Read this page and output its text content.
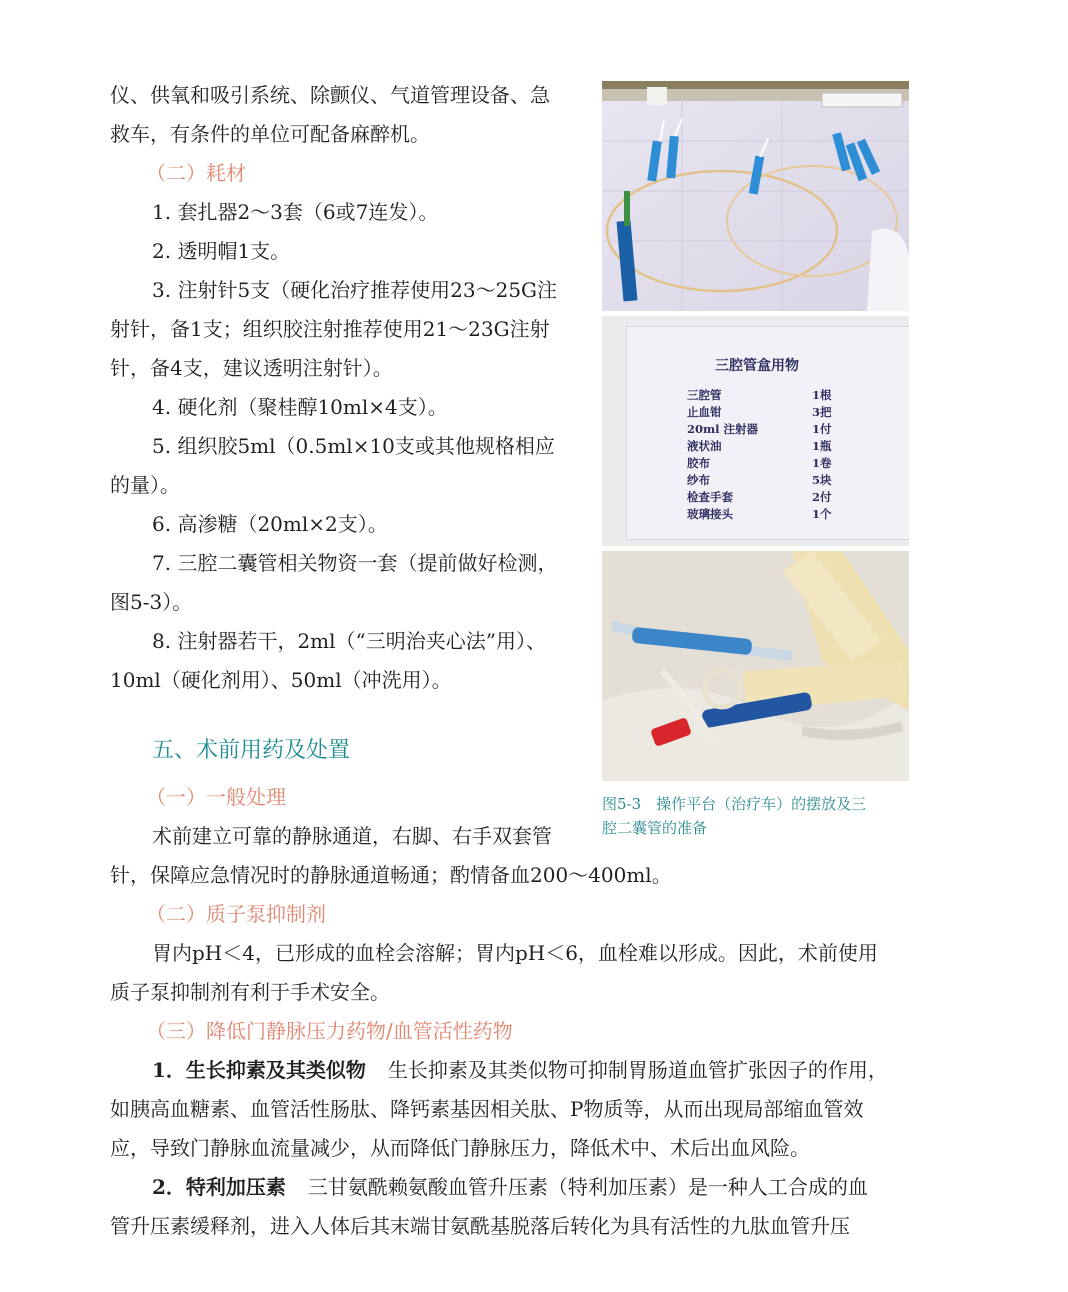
仪、供氧和吸引系统、除颤仪、气道管理设备、急
救车，有条件的单位可配备麻醉机。
（二）耗材
1. 套扎器2～3套（6或7连发）。
2. 透明帽1支。
3. 注射针5支（硬化治疗推荐使用23～25G注
射针，备1支；组织胶注射推荐使用21～23G注射
针，备4支，建议透明注射针）。
4. 硬化剂（聚桂醇10ml×4支）。
5. 组织胶5ml（0.5ml×10支或其他规格相应
的量）。
6. 高渗糖（20ml×2支）。
7. 三腔二囊管相关物资一套（提前做好检测，
图5-3）。
8. 注射器若干，2ml（“三明治夹心法”用）、
10ml（硬化剂用）、50ml（冲洗用）。
五、术前用药及处置
（一）一般处理
术前建立可靠的静脉通道，右脚、右手双套管
针，保障应急情况时的静脉通道畅通；酌情备血200～400ml。
（二）质子泵抑制剂
胃内pH＜4，已形成的血栓会溶解；胃内pH＜6，血栓难以形成。因此，术前使用
质子泵抑制剂有利于手术安全。
（三）降低门静脉压力药物/血管活性药物
1．生长抑素及其类似物 生长抑素及其类似物可抑制胃肠道血管扩张因子的作用，
如胰高血糖素、血管活性肠肽、降钙素基因相关肽、P物质等，从而出现局部缩血管效
应，导致门静脉血流量减少，从而降低门静脉压力，降低术中、术后出血风险。
2．特利加压素 三甘氨酰赖氨酸血管升压素（特利加压素）是一种人工合成的血
管升压素缓释剂，进入人体后其末端甘氨酰基脱落后转化为具有活性的九肽血管升压
三腔管盒用物
三腔管	1根
止血钳	3把
20ml 注射器	1付
液状油	1瓶
胶布	1卷
纱布	5块
检查手套	2付
玻璃接头	1个
图5-3　操作平台（治疗车）的摆放及三
腔二囊管的准备
